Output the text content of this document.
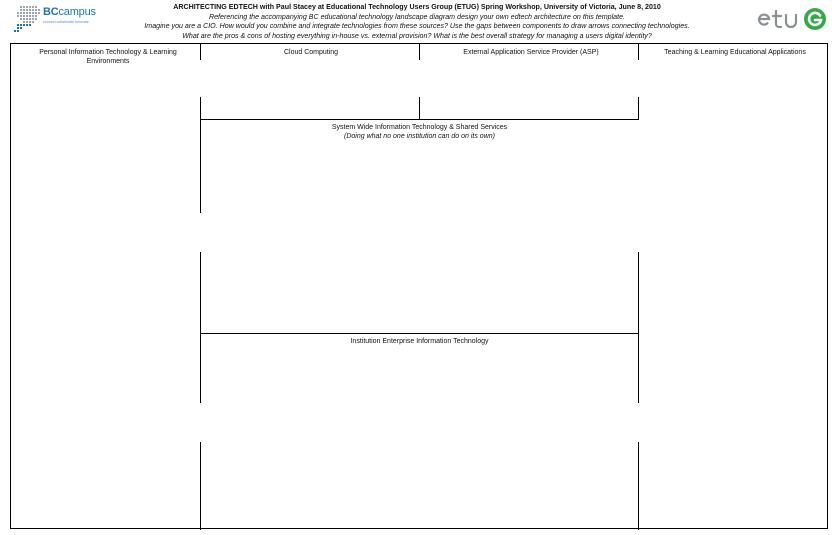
BCcampus
connect.collaborate.innovate.
ARCHITECTING EDTECH with Paul Stacey at Educational Technology Users Group (ETUG) Spring Workshop, University of Victoria, June 8, 2010
Referencing the accompanying BC educational technology landscape diagram design your own edtech architecture on this template.
Imagine you are a CIO. How would you combine and integrate technologies from these sources? Use the gaps between components to draw arrows connecting technologies.
What are the pros & cons of hosting everything in-house vs. external provision? What is the best overall strategy for managing a users digital identity?
Personal Information Technology & Learning Environments
Cloud Computing	External Application Service Provider (ASP)	Teaching & Learning Educational Applications
System Wide Information Technology & Shared Services
(Doing what no one institution can do on its own)
Institution Enterprise Information Technology
